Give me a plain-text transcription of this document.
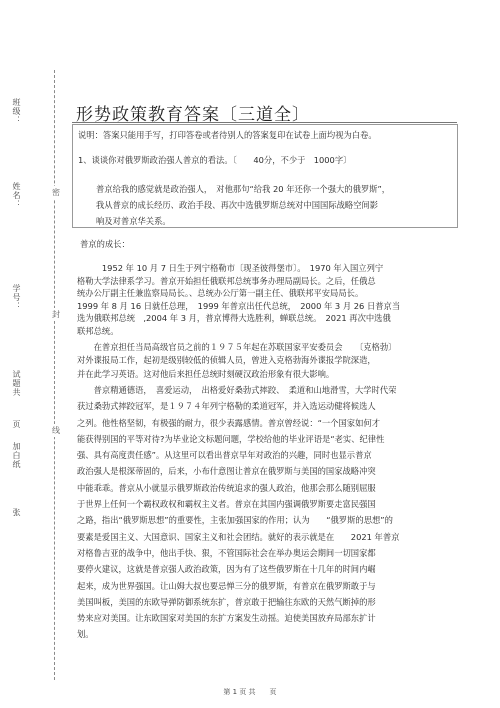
班级：
姓名：
学号：
试题共
页
加白纸
张
密
封
线
形势政策教育答案〔三道全〕
说明：答案只能用手写，打印答卷或者待别人的答案复印在试卷上面均视为白卷。
1、谈谈你对俄罗斯政治强人普京的看法。〔　　40分，不少于　1000字〕

普京给我的感觉就是政治强人，　对他那句“给我 20 年还你一个强大的俄罗斯”，

我从普京的成长经历、政治手段、再次中选俄罗斯总统对中国国际战略空间影

响及对普京华关系。

普京的成长：
　　　1952 年 10 月 7 日生于列宁格勒市〔现圣彼得堡市〕。　1970 年入国立列宁
格勒大学法律系学习。普京开始担任俄联邦总统事务办理局副局长。之后，任俄总
统办公厅副主任兼监察局局长。、总统办公厅第一副主任、俄联邦平安局局长。
1999 年 8 月 16 日就任总理，　1999 年普京出任代总统，　2000 年 3 月 26 日普京当
选为俄联邦总统　,2004 年 3 月，普京博得大选胜利，蝉联总统。　2021 再次中选俄
联邦总统。
　　在普京担任当局高级官员之前的１９７５年起在苏联国家平安委员会　　〔克格勃〕
对外谍报局工作，起初是级别较低的侦辑人员，曾进入克格勃海外谍报学院深造，
并在此学习英语。这对他后来担任总统时刻硬汉政治形象有很大影响。
　　普京精通德语，　喜爱运动，　出格爱好桑勃式摔跤、　柔道和山地滑雪，大学时代荣
获过桑勃式摔跤冠军，是１９７４年列宁格勒的柔道冠军，并入选运动健将候选人
之列。他性格坚韧，有极强的耐力，很少表露感情。普京曾经说：“一个国家如何才
能获得别国的平等对待?为毕业论文标题问题，学校给他的毕业评语是“老实、纪律性
强、具有高度责任感”。从这里可以看出普京早年对政治的兴趣，同时也显示普京
政治强人是根深蒂固的，后来，小布什意图让普京在俄罗斯与美国的国家战略冲突
中能乖乖。普京从小就显示俄罗斯政治传统追求的强人政治，他那会那么随别屈服
于世界上任何一个霸权政权和霸权主义者。普京在其国内强调俄罗斯要走富民强国
之路，指出“俄罗斯思想”的重要性，主张加强国家的作用；认为　　“俄罗斯的思想”的
要素是爱国主义、大国意识、国家主义和社会团结。就好的表示就是在　　2021 年普京
对格鲁吉亚的战争中，他出手快、狠，不管国际社会在举办奥运会期间一切国家都
要停火建议，这就是普京强人政治政策，因为有了这些俄罗斯在十几年的时间内崛
起来，成为世界强国。让山姆大叔也要忌惮三分的俄罗斯，有普京在俄罗斯敢于与
美国叫板，美国的东欧导弹防御系统东扩，普京敢于把输往东欧的天然气断掉的形
势来应对美国。让东欧国家对美国的东扩方案发生动摇。迫使美国放弃局部东扩计
划。
第 1 页 共　　页
